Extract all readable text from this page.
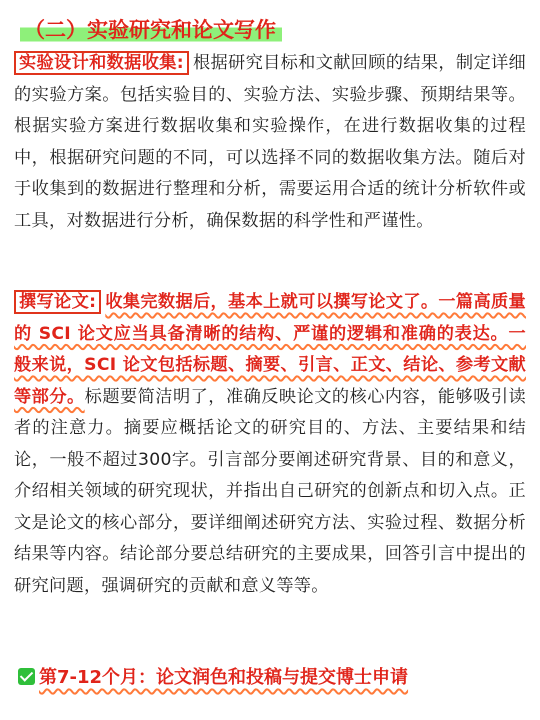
（二）实验研究和论文写作
实验设计和数据收集: 根据研究目标和文献回顾的结果，制定详细的实验方案。包括实验目的、实验方法、实验步骤、预期结果等。根据实验方案进行数据收集和实验操作，在进行数据收集的过程中，根据研究问题的不同，可以选择不同的数据收集方法。随后对于收集到的数据进行整理和分析，需要运用合适的统计分析软件或工具，对数据进行分析，确保数据的科学性和严谨性。
撰写论文: 收集完数据后，基本上就可以撰写论文了。一篇高质量的 SCI 论文应当具备清晰的结构、严谨的逻辑和准确的表达。一般来说，SCI 论文包括标题、摘要、引言、正文、结论、参考文献等部分。标题要简洁明了，准确反映论文的核心内容，能够吸引读者的注意力。摘要应概括论文的研究目的、方法、主要结果和结论，一般不超过300字。引言部分要阐述研究背景、目的和意义，介绍相关领域的研究现状，并指出自己研究的创新点和切入点。正文是论文的核心部分，要详细阐述研究方法、实验过程、数据分析结果等内容。结论部分要总结研究的主要成果，回答引言中提出的研究问题，强调研究的贡献和意义等等。
第7-12个月：论文润色和投稿与提交博士申请
